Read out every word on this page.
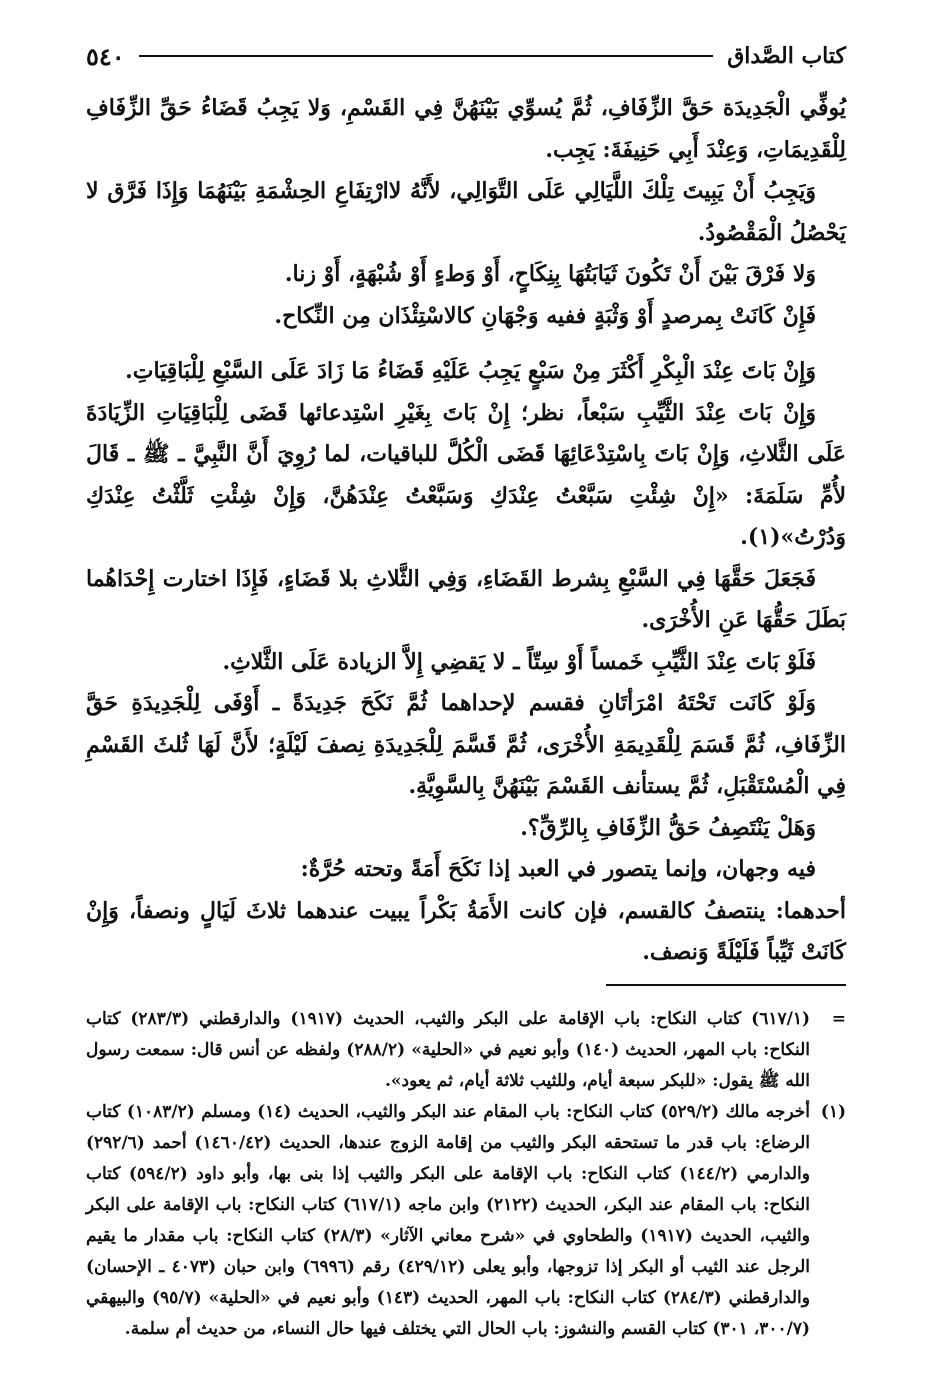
كتاب الصَّداق
٥٤٠

يُوفِّي الْجَدِيدَة حَقَّ الزِّفَافِ، ثُمَّ يُسوِّي بَيْنَهُنَّ فِي القَسْمِ، وَلا يَجِبُ قَضَاءُ حَقِّ الزِّفَافِ لِلْقَدِيمَاتِ، وَعِنْدَ أَبِي حَنِيفَةَ: يَجِب.

وَيَجِبُ أَنْ يَبِيتَ تِلْكَ اللَّيَالِي عَلَى التَّوَالِي، لأَنَّهُ لاارْتِفَاعِ الحِشْمَةِ بَيْنَهُمَا وَإِذَا فَرَّق لا يَحْصُلُ الْمَقْصُودُ.

وَلا فَرْقَ بَيْنَ أَنْ تَكُونَ ثَيَابَتُهَا بِنِكَاحٍ، أَوْ وَطءٍ أَوْ شُبْهَةٍ، أَوْ زنا.

فَإِنْ كَانَتْ بِمرصدٍ أَوْ وَثْبَةٍ ففيه وَجْهَانِ كالاسْتِئْذَان مِن النِّكاح.

وَإِنْ بَاتَ عِنْدَ الْبِكْرِ أَكْثَرَ مِنْ سَبْعٍ يَجِبُ عَلَيْهِ قَضَاءُ مَا زَادَ عَلَى السَّبْعِ لِلْبَاقِيَاتِ.

وَإِنْ بَاتَ عِنْدَ الثَّيِّبِ سَبْعاً، نظر؛ إِنْ بَاتَ بِغَيْرِ اسْتِدعائها قَضَى لِلْبَاقِيَاتِ الزِّيَادَةَ عَلَى الثَّلاثِ، وَإِنْ بَاتَ بِاسْتِدْعَائِهَا قَضَى الْكُلَّ للباقيات، لما رُوِيَ أَنَّ النَّبِيَّ ـ ﷺ ـ قَالَ لأُمِّ سَلَمَةَ: «إِنْ شِئْتِ سَبَّعْتُ عِنْدَكِ وَسَبَّعْتُ عِنْدَهُنَّ، وَإِنْ شِئْتِ ثَلَّثْتُ عِنْدَكِ وَدُرْتُ»(١).

فَجَعَلَ حَقَّهَا فِي السَّبْعِ بِشرط القَضَاءِ، وَفِي الثَّلاثِ بلا قَضَاءٍ، فَإِذَا اختارت إِحْدَاهُما بَطَلَ حَقُّهَا عَنِ الأُخْرَى.

فَلَوْ بَاتَ عِنْدَ الثَّيِّبِ خَمساً أَوْ سِتّاً ـ لا يَقضِي إِلاَّ الزيادة عَلَى الثَّلاثِ.

وَلَوْ كَانَت تَحْتَهُ امْرَأتَانِ فقسم لإحداهما ثُمَّ نَكَحَ جَدِيدَةً ـ أَوْفَى لِلْجَدِيدَةِ حَقَّ الزِّفَافِ، ثُمَّ قَسَمَ لِلْقَدِيمَةِ الأُخْرَى، ثُمَّ قَسَّمَ لِلْجَدِيدَةِ نِصفَ لَيْلَةٍ؛ لأَنَّ لَهَا ثُلثَ القَسْمِ فِي الْمُسْتَقْبَلِ، ثُمَّ يستأنف القَسْمَ بَيْنَهُنَّ بِالسَّوِيَّةِ.

وَهَلْ يَنْتَصِفُ حَقُّ الزِّفَافِ بِالرِّقِّ؟.

فيه وجهان، وإنما يتصور في العبد إذا نَكَحَ أَمَةً وتحته حُرَّةٌ:

أحدهما: ينتصفُ كالقسم، فإن كانت الأَمَةُ بَكْراً يبيت عندهما ثلاثَ لَيَالٍ ونصفاً، وَإِنْ كَانَتْ ثَيِّباً فَلَيْلَةً وَنصف.

=
(٦١٧/١) كتاب النكاح: باب الإقامة على البكر والثيب، الحديث (١٩١٧) والدارقطني (٢٨٣/٣) كتاب النكاح: باب المهر، الحديث (١٤٠) وأبو نعيم في «الحلية» (٢٨٨/٢) ولفظه عن أنس قال: سمعت رسول الله ﷺ يقول: «للبكر سبعة أيام، وللثيب ثلاثة أيام، ثم يعود».
(١)
أخرجه مالك (٥٢٩/٢) كتاب النكاح: باب المقام عند البكر والثيب، الحديث (١٤) ومسلم (١٠٨٣/٢) كتاب الرضاع: باب قدر ما تستحقه البكر والثيب من إقامة الزوج عندها، الحديث (١٤٦٠/٤٢) أحمد (٢٩٢/٦) والدارمي (١٤٤/٢) كتاب النكاح: باب الإقامة على البكر والثيب إذا بنى بها، وأبو داود (٥٩٤/٢) كتاب النكاح: باب المقام عند البكر، الحديث (٢١٢٢) وابن ماجه (٦١٧/١) كتاب النكاح: باب الإقامة على البكر والثيب، الحديث (١٩١٧) والطحاوي في «شرح معاني الآثار» (٢٨/٣) كتاب النكاح: باب مقدار ما يقيم الرجل عند الثيب أو البكر إذا تزوجها، وأبو يعلى (٤٢٩/١٢) رقم (٦٩٩٦) وابن حبان (٤٠٧٣ ـ الإحسان) والدارقطني (٢٨٤/٣) كتاب النكاح: باب المهر، الحديث (١٤٣) وأبو نعيم في «الحلية» (٩٥/٧) والبيهقي (٣٠٠/٧، ٣٠١) كتاب القسم والنشوز: باب الحال التي يختلف فيها حال النساء، من حديث أم سلمة.
